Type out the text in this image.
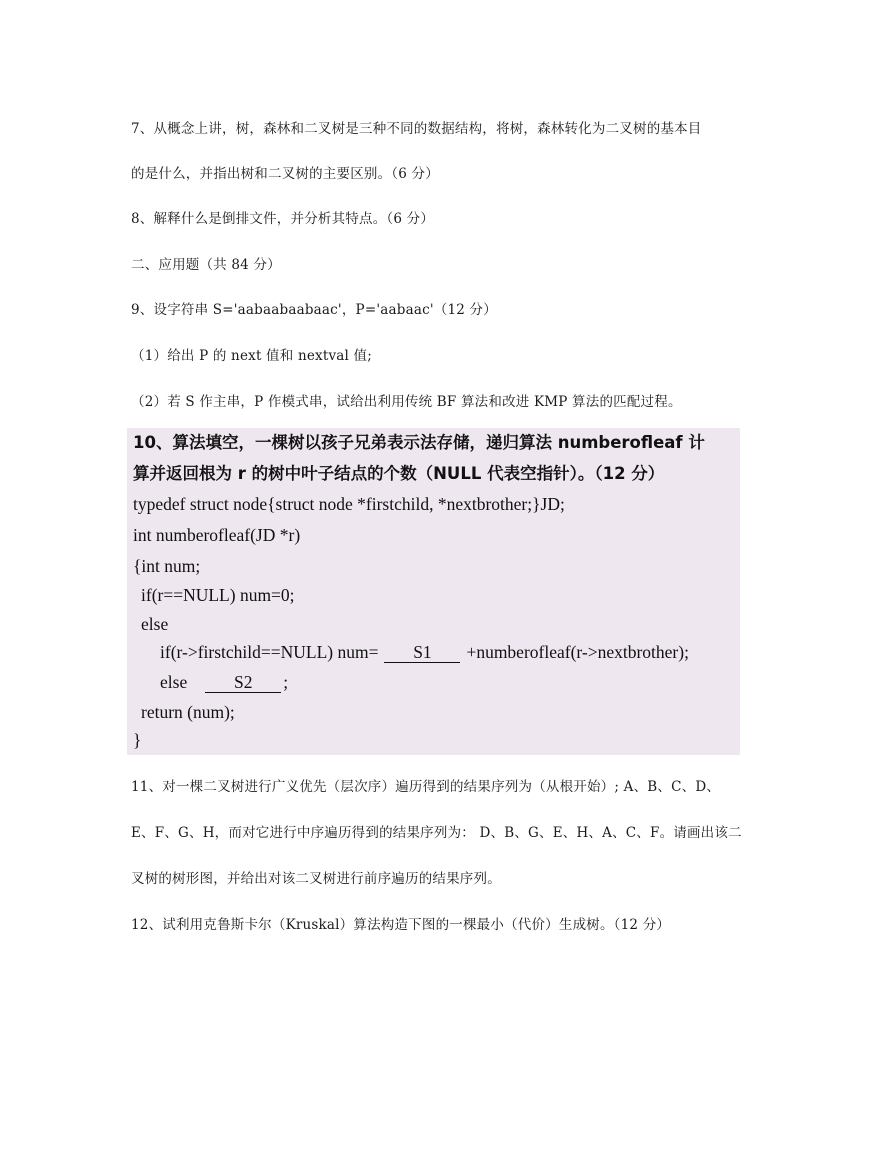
7、从概念上讲，树，森林和二叉树是三种不同的数据结构，将树，森林转化为二叉树的基本目
的是什么，并指出树和二叉树的主要区别。（6 分）
8、解释什么是倒排文件，并分析其特点。（6 分）
二、应用题（共 84 分）
9、设字符串 S='aabaabaabaac'，P='aabaac'（12 分）
（1）给出 P 的 next 值和 nextval 值;
（2）若 S 作主串，P 作模式串，试给出利用传统 BF 算法和改进 KMP 算法的匹配过程。
10、算法填空，一棵树以孩子兄弟表示法存储，递归算法 numberofleaf 计
算并返回根为 r 的树中叶子结点的个数（NULL 代表空指针）。（12 分）
typedef struct node{struct node *firstchild, *nextbrother;}JD;
int numberofleaf(JD *r)
{int num;
if(r==NULL) num=0;
else
if(r->firstchild==NULL) num= S1 +numberofleaf(r->nextbrother);
else	S2 ;
return (num);
}
11、对一棵二叉树进行广义优先（层次序）遍历得到的结果序列为（从根开始）; A、B、C、D、
E、F、G、H，而对它进行中序遍历得到的结果序列为： D、B、G、E、H、A、C、F。请画出该二
叉树的树形图，并给出对该二叉树进行前序遍历的结果序列。
12、试利用克鲁斯卡尔（Kruskal）算法构造下图的一棵最小（代价）生成树。（12 分）
